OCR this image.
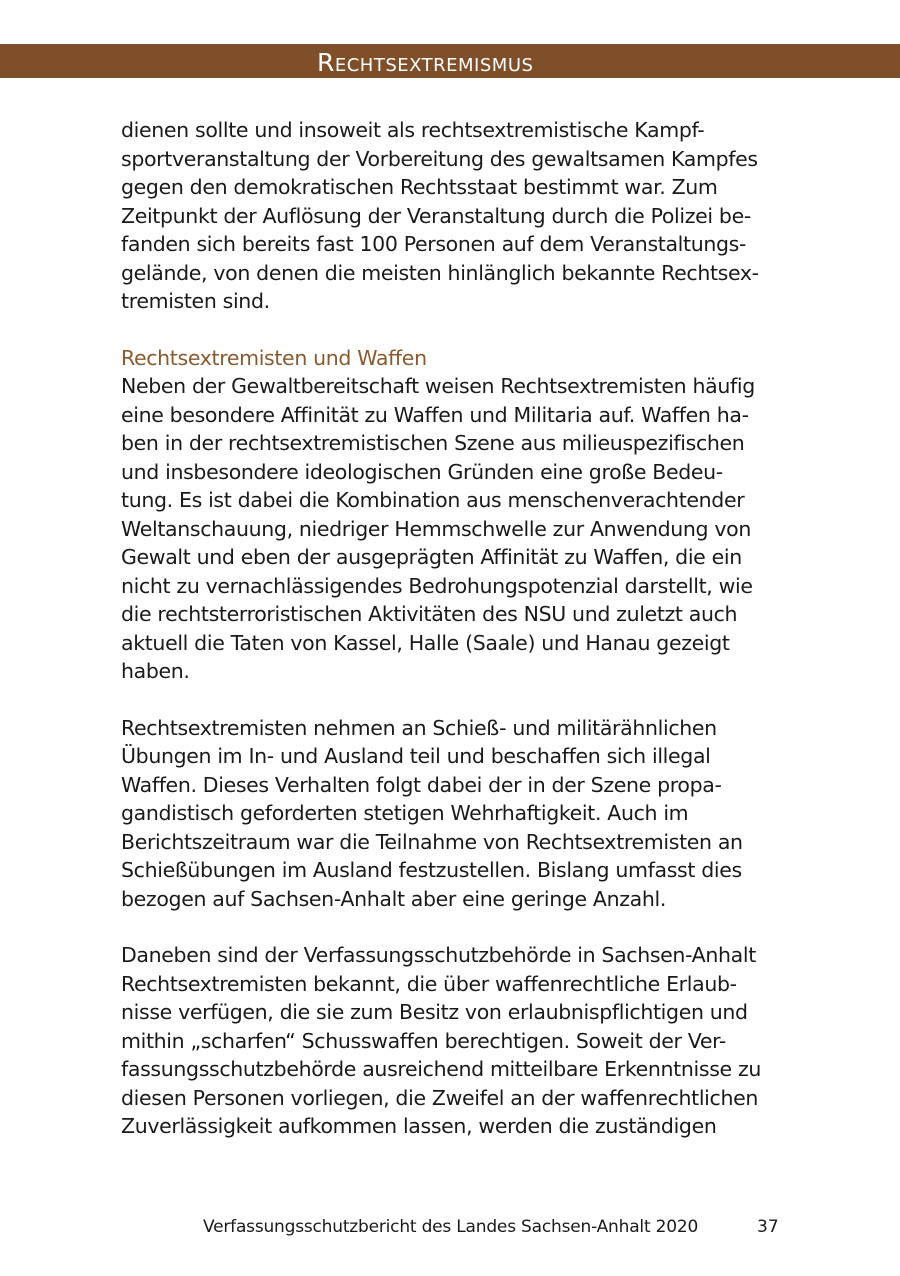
Rechtsextremismus

dienen sollte und insoweit als rechtsextremistische Kampf-
sportveranstaltung der Vorbereitung des gewaltsamen Kampfes
gegen den demokratischen Rechtsstaat bestimmt war. Zum
Zeitpunkt der Auflösung der Veranstaltung durch die Polizei be-
fanden sich bereits fast 100 Personen auf dem Veranstaltungs-
gelände, von denen die meisten hinlänglich bekannte Rechtsex-
tremisten sind.

Rechtsextremisten und Waffen

Neben der Gewaltbereitschaft weisen Rechtsextremisten häufig
eine besondere Affinität zu Waffen und Militaria auf. Waffen ha-
ben in der rechtsextremistischen Szene aus milieuspezifischen
und insbesondere ideologischen Gründen eine große Bedeu-
tung. Es ist dabei die Kombination aus menschenverachtender
Weltanschauung, niedriger Hemmschwelle zur Anwendung von
Gewalt und eben der ausgeprägten Affinität zu Waffen, die ein
nicht zu vernachlässigendes Bedrohungspotenzial darstellt, wie
die rechtsterroristischen Aktivitäten des NSU und zuletzt auch
aktuell die Taten von Kassel, Halle (Saale) und Hanau gezeigt
haben.

Rechtsextremisten nehmen an Schieß- und militärähnlichen
Übungen im In- und Ausland teil und beschaffen sich illegal
Waffen. Dieses Verhalten folgt dabei der in der Szene propa-
gandistisch geforderten stetigen Wehrhaftigkeit. Auch im
Berichtszeitraum war die Teilnahme von Rechtsextremisten an
Schießübungen im Ausland festzustellen. Bislang umfasst dies
bezogen auf Sachsen-Anhalt aber eine geringe Anzahl.

Daneben sind der Verfassungsschutzbehörde in Sachsen-Anhalt
Rechtsextremisten bekannt, die über waffenrechtliche Erlaub-
nisse verfügen, die sie zum Besitz von erlaubnispflichtigen und
mithin „scharfen“ Schusswaffen berechtigen. Soweit der Ver-
fassungsschutzbehörde ausreichend mitteilbare Erkenntnisse zu
diesen Personen vorliegen, die Zweifel an der waffenrechtlichen
Zuverlässigkeit aufkommen lassen, werden die zuständigen

Verfassungsschutzbericht des Landes Sachsen-Anhalt 2020	37
